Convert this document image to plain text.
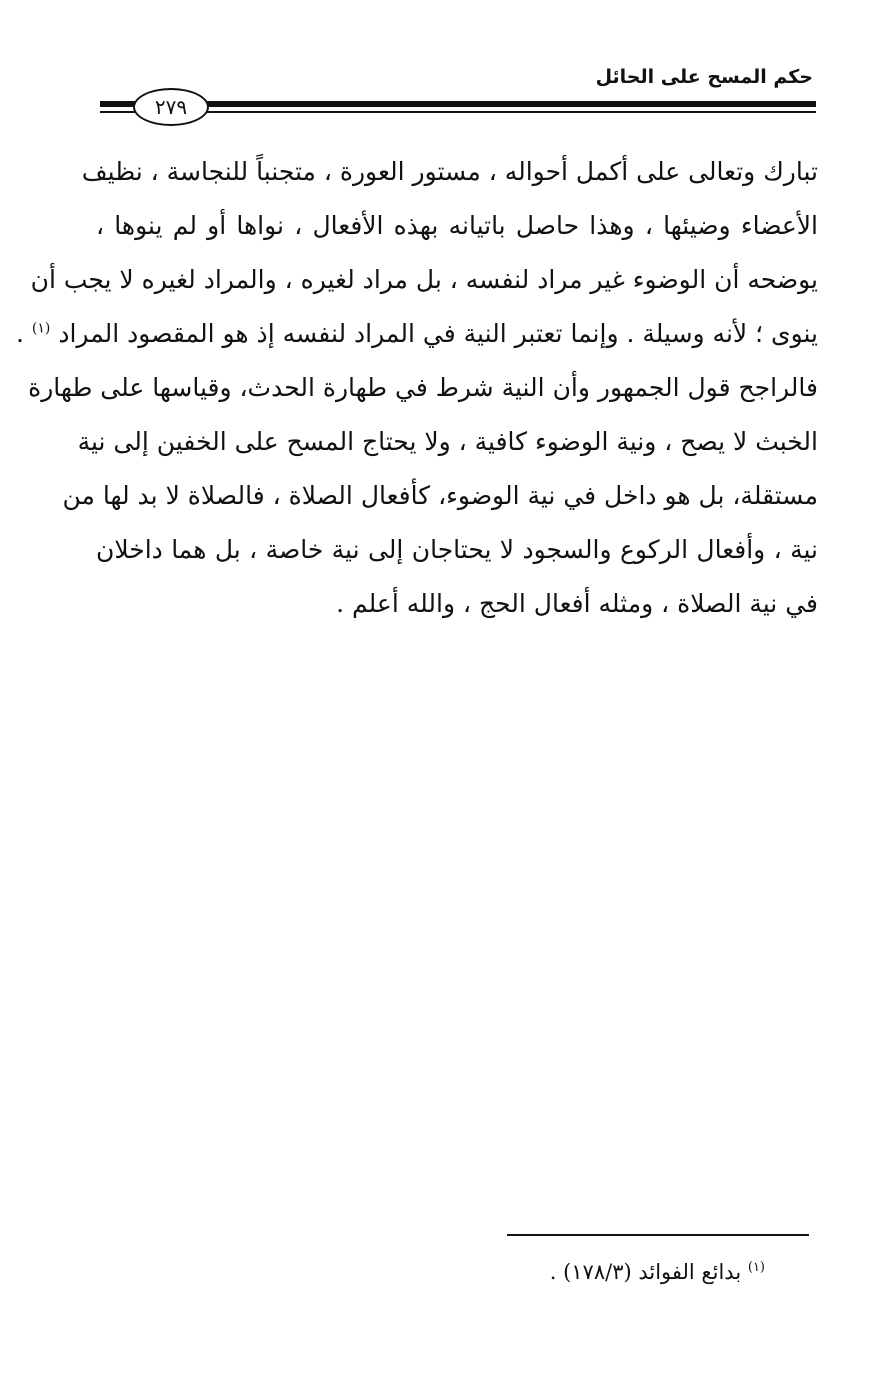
حكم المسح على الحائل
٢٧٩
تبارك وتعالى على أكمل أحواله ، مستور العورة ، متجنباً للنجاسة ، نظيف
الأعضاء وضيئها ، وهذا حاصل باتيانه بهذه الأفعال ، نواها أو لم ينوها ،
يوضحه أن الوضوء غير مراد لنفسه ، بل مراد لغيره ، والمراد لغيره لا يجب أن
ينوى ؛ لأنه وسيلة . وإنما تعتبر النية في المراد لنفسه إذ هو المقصود المراد $^{(١)}$ .
فالراجح قول الجمهور وأن النية شرط في طهارة الحدث، وقياسها على طهارة
الخبث لا يصح ، ونية الوضوء كافية ، ولا يحتاج المسح على الخفين إلى نية
مستقلة، بل هو داخل في نية الوضوء، كأفعال الصلاة ، فالصلاة لا بد لها من
نية ، وأفعال الركوع والسجود لا يحتاجان إلى نية خاصة ، بل هما داخلان
في نية الصلاة ، ومثله أفعال الحج ، والله أعلم .
$^{(١)}$ بدائع الفوائد (١٧٨/٣) .
